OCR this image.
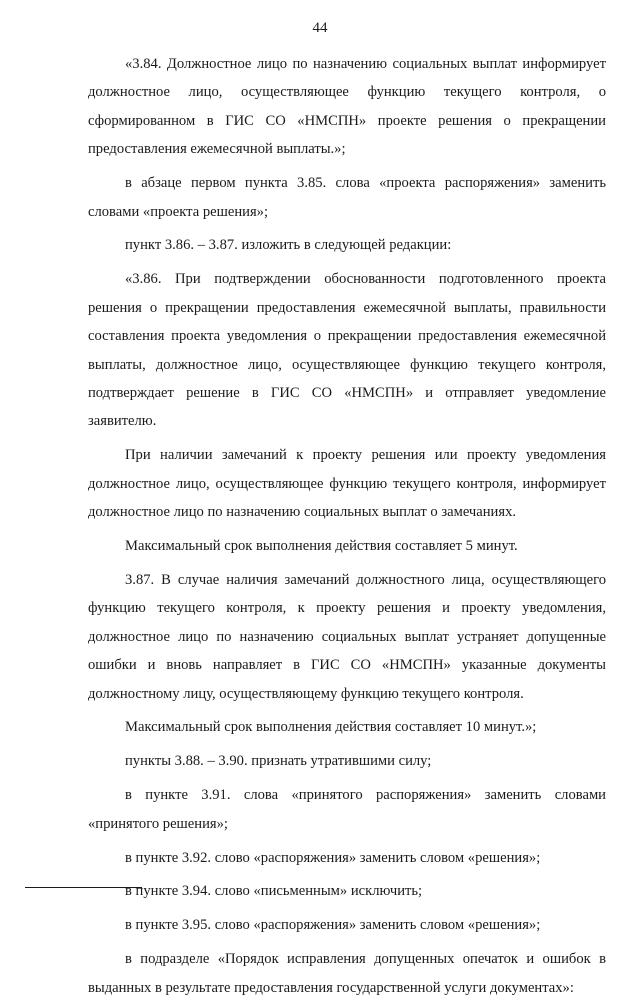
44

«3.84. Должностное лицо по назначению социальных выплат информирует должностное лицо, осуществляющее функцию текущего контроля, о сформированном в ГИС СО «НМСПН» проекте решения о прекращении предоставления ежемесячной выплаты.»;

в абзаце первом пункта 3.85. слова «проекта распоряжения» заменить словами «проекта решения»;

пункт 3.86. – 3.87. изложить в следующей редакции:

«3.86. При подтверждении обоснованности подготовленного проекта решения о прекращении предоставления ежемесячной выплаты, правильности составления проекта уведомления о прекращении предоставления ежемесячной выплаты, должностное лицо, осуществляющее функцию текущего контроля, подтверждает решение в ГИС СО «НМСПН» и отправляет уведомление заявителю.

При наличии замечаний к проекту решения или проекту уведомления должностное лицо, осуществляющее функцию текущего контроля, информирует должностное лицо по назначению социальных выплат о замечаниях.

Максимальный срок выполнения действия составляет 5 минут.

3.87. В случае наличия замечаний должностного лица, осуществляющего функцию текущего контроля, к проекту решения и проекту уведомления, должностное лицо по назначению социальных выплат устраняет допущенные ошибки и вновь направляет в ГИС СО «НМСПН» указанные документы должностному лицу, осуществляющему функцию текущего контроля.

Максимальный срок выполнения действия составляет 10 минут.»;

пункты 3.88. – 3.90. признать утратившими силу;

в пункте 3.91. слова «принятого распоряжения» заменить словами «принятого решения»;

в пункте 3.92. слово «распоряжения» заменить словом «решения»;

в пункте 3.94. слово «письменным» исключить;

в пункте 3.95. слово «распоряжения» заменить словом «решения»;

в подразделе «Порядок исправления допущенных опечаток и ошибок в выданных в результате предоставления государственной услуги документах»:
